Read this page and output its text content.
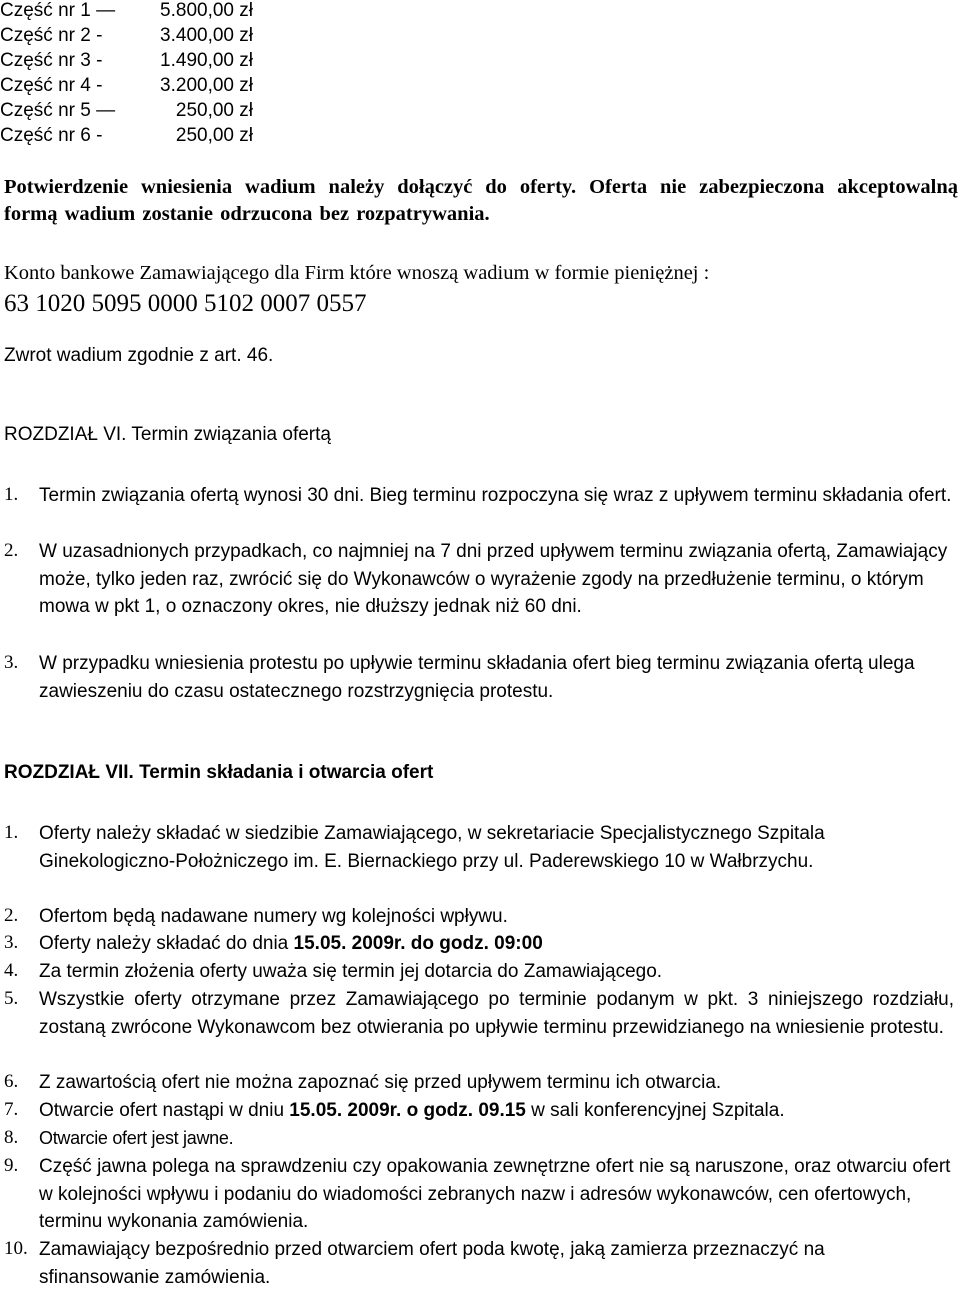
Część nr 1 —	5.800,00 zł
Część nr 2 -	3.400,00 zł
Część nr 3 -	1.490,00 zł
Część nr 4 -	3.200,00 zł
Część nr 5 —	250,00 zł
Część nr 6 -	250,00 zł
Potwierdzenie wniesienia wadium należy dołączyć do oferty. Oferta nie zabezpieczona akceptowalną formą wadium zostanie odrzucona bez rozpatrywania.
Konto bankowe Zamawiającego dla Firm które wnoszą wadium w formie pieniężnej :
63 1020 5095 0000 5102 0007 0557
Zwrot wadium zgodnie z art. 46.
ROZDZIAŁ VI. Termin związania ofertą
1. Termin związania ofertą wynosi 30 dni. Bieg terminu rozpoczyna się wraz z upływem terminu składania ofert.
2. W uzasadnionych przypadkach, co najmniej na 7 dni przed upływem terminu związania ofertą, Zamawiający może, tylko jeden raz, zwrócić się do Wykonawców o wyrażenie zgody na przedłużenie terminu, o którym mowa w pkt 1, o oznaczony okres, nie dłuższy jednak niż 60 dni.
3. W przypadku wniesienia protestu po upływie terminu składania ofert bieg terminu związania ofertą ulega zawieszeniu do czasu ostatecznego rozstrzygnięcia protestu.
ROZDZIAŁ VII. Termin składania i otwarcia ofert
1. Oferty należy składać w siedzibie Zamawiającego, w sekretariacie Specjalistycznego Szpitala Ginekologiczno-Położniczego im. E. Biernackiego przy ul. Paderewskiego 10 w Wałbrzychu.
2. Ofertom będą nadawane numery wg kolejności wpływu.
3. Oferty należy składać do dnia 15.05. 2009r. do godz. 09:00
4. Za termin złożenia oferty uważa się termin jej dotarcia do Zamawiającego.
5. Wszystkie oferty otrzymane przez Zamawiającego po terminie podanym w pkt. 3 niniejszego rozdziału, zostaną zwrócone Wykonawcom bez otwierania po upływie terminu przewidzianego na wniesienie protestu.
6. Z zawartością ofert nie można zapoznać się przed upływem terminu ich otwarcia.
7. Otwarcie ofert nastąpi w dniu 15.05. 2009r. o godz. 09.15 w sali konferencyjnej Szpitala.
8. Otwarcie ofert jest jawne.
9. Część jawna polega na sprawdzeniu czy opakowania zewnętrzne ofert nie są naruszone, oraz otwarciu ofert w kolejności wpływu i podaniu do wiadomości zebranych nazw i adresów wykonawców, cen ofertowych, terminu wykonania zamówienia.
10. Zamawiający bezpośrednio przed otwarciem ofert poda kwotę, jaką zamierza przeznaczyć na sfinansowanie zamówienia.
